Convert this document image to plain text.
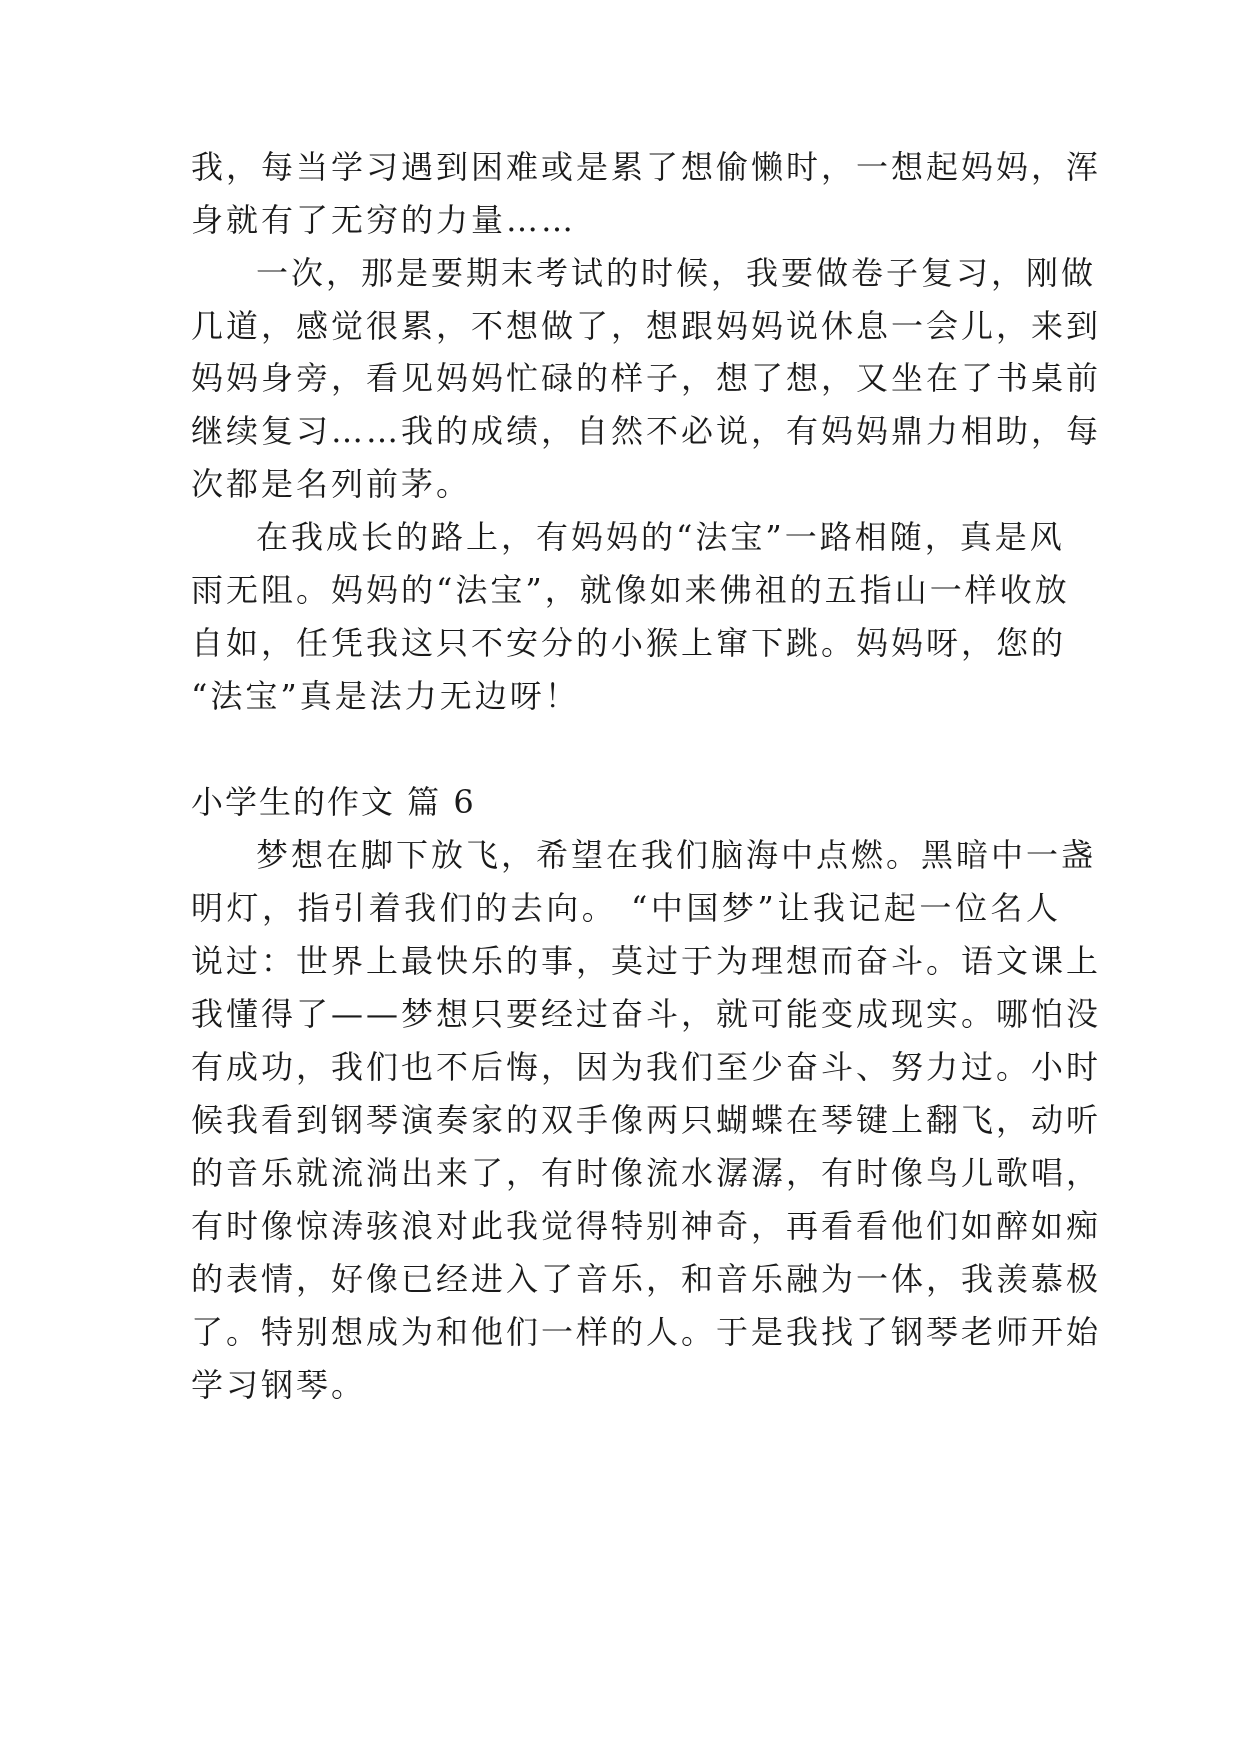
我，每当学习遇到困难或是累了想偷懒时，一想起妈妈，浑
身就有了无穷的力量……
一次，那是要期末考试的时候，我要做卷子复习，刚做
几道，感觉很累，不想做了，想跟妈妈说休息一会儿，来到
妈妈身旁，看见妈妈忙碌的样子，想了想，又坐在了书桌前
继续复习……我的成绩，自然不必说，有妈妈鼎力相助，每
次都是名列前茅。
在我成长的路上，有妈妈的“法宝”一路相随，真是风
雨无阻。妈妈的“法宝”，就像如来佛祖的五指山一样收放
自如，任凭我这只不安分的小猴上窜下跳。妈妈呀，您的
“法宝”真是法力无边呀！
小学生的作文 篇 6
梦想在脚下放飞，希望在我们脑海中点燃。黑暗中一盏
明灯，指引着我们的去向。 “中国梦”让我记起一位名人
说过：世界上最快乐的事，莫过于为理想而奋斗。语文课上
我懂得了——梦想只要经过奋斗，就可能变成现实。哪怕没
有成功，我们也不后悔，因为我们至少奋斗、努力过。小时
候我看到钢琴演奏家的双手像两只蝴蝶在琴键上翻飞，动听
的音乐就流淌出来了，有时像流水潺潺，有时像鸟儿歌唱，
有时像惊涛骇浪对此我觉得特别神奇，再看看他们如醉如痴
的表情，好像已经进入了音乐，和音乐融为一体，我羡慕极
了。特别想成为和他们一样的人。于是我找了钢琴老师开始
学习钢琴。
